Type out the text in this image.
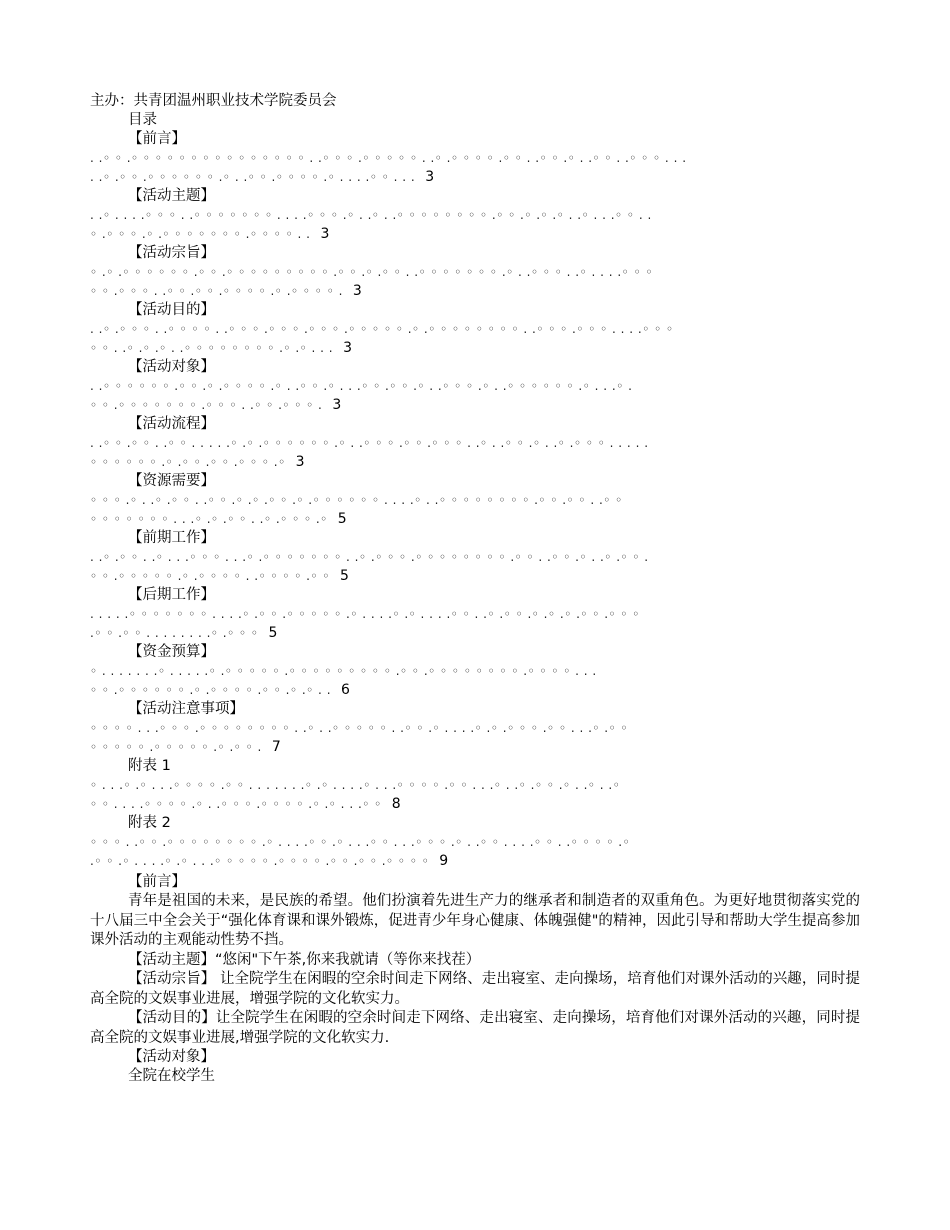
主办：共青团温州职业技术学院委员会
目录
【前言】
. .◦ ◦ .◦ ◦ ◦ ◦ ◦ ◦ ◦ ◦ ◦ ◦ ◦ ◦ ◦ ◦ ◦ . .◦ ◦ ◦ .◦ ◦ ◦ ◦ ◦ . .◦ .◦ ◦ ◦ ◦ .◦ ◦ . .◦ ◦ .◦ . .◦ ◦ . .◦ ◦ ◦ . . .
. .◦ .◦ ◦ .◦ ◦ ◦ ◦ ◦ ◦ .◦ . .◦ ◦ .◦ ◦ ◦ ◦ .◦ . . . .◦ ◦ . . . 3
【活动主题】
. .◦ . . . .◦ ◦ ◦ . .◦ ◦ ◦ ◦ ◦ ◦ ◦ . . . .◦ ◦ ◦ .◦ . .◦ . .◦ ◦ ◦ ◦ ◦ ◦ ◦ ◦ .◦ ◦ .◦ .◦ .◦ . .◦ . . .◦ ◦ . .
◦ .◦ ◦ ◦ .◦ .◦ ◦ ◦ ◦ ◦ ◦ ◦ .◦ ◦ ◦ ◦ . . 3
【活动宗旨】
◦ .◦ .◦ ◦ ◦ ◦ ◦ ◦ .◦ ◦ .◦ ◦ ◦ ◦ ◦ ◦ ◦ ◦ ◦ .◦ ◦ .◦ .◦ ◦ . .◦ ◦ ◦ ◦ ◦ ◦ ◦ .◦ . .◦ ◦ ◦ . .◦ . . . .◦ ◦ ◦
◦ ◦ .◦ ◦ ◦ . .◦ ◦ .◦ ◦ .◦ ◦ ◦ ◦ .◦ .◦ ◦ ◦ ◦ . 3
【活动目的】
. .◦ .◦ ◦ ◦ . .◦ ◦ ◦ ◦ . .◦ ◦ ◦ .◦ ◦ ◦ .◦ ◦ ◦ .◦ ◦ ◦ ◦ ◦ .◦ .◦ ◦ ◦ ◦ ◦ ◦ ◦ ◦ . .◦ ◦ ◦ .◦ ◦ ◦ . . . .◦ ◦ ◦
◦ ◦ . .◦ .◦ .◦ . .◦ ◦ ◦ ◦ ◦ ◦ ◦ ◦ .◦ .◦ . . . 3
【活动对象】
. .◦ ◦ ◦ ◦ ◦ ◦ .◦ ◦ .◦ .◦ ◦ ◦ ◦ .◦ . .◦ ◦ .◦ . . .◦ ◦ .◦ ◦ .◦ . .◦ ◦ ◦ .◦ . .◦ ◦ ◦ ◦ ◦ ◦ .◦ . . .◦ .
◦ ◦ .◦ ◦ ◦ ◦ ◦ ◦ ◦ .◦ ◦ ◦ . .◦ ◦ .◦ ◦ ◦ . 3
【活动流程】
. .◦ ◦ .◦ ◦ . .◦ ◦ . . . . .◦ .◦ .◦ ◦ ◦ ◦ ◦ ◦ .◦ . .◦ ◦ ◦ .◦ ◦ .◦ ◦ ◦ . .◦ . .◦ ◦ .◦ . .◦ .◦ ◦ ◦ . . . . .
◦ ◦ ◦ ◦ ◦ ◦ .◦ .◦ ◦ .◦ ◦ .◦ ◦ ◦ .◦ 3
【资源需要】
◦ ◦ ◦ .◦ . .◦ .◦ ◦ . .◦ ◦ .◦ .◦ .◦ ◦ .◦ .◦ ◦ ◦ ◦ ◦ ◦ . . . .◦ . .◦ ◦ ◦ ◦ ◦ ◦ ◦ ◦ .◦ ◦ .◦ ◦ . .◦ ◦
◦ ◦ ◦ ◦ ◦ ◦ ◦ . . .◦ .◦ .◦ ◦ . .◦ .◦ ◦ ◦ .◦ 5
【前期工作】
. .◦ .◦ ◦ . .◦ . . .◦ ◦ ◦ . . .◦ .◦ ◦ ◦ ◦ ◦ ◦ ◦ . .◦ .◦ ◦ ◦ .◦ ◦ ◦ ◦ ◦ ◦ ◦ ◦ .◦ ◦ . .◦ ◦ .◦ . .◦ .◦ ◦ .
◦ ◦ .◦ ◦ ◦ ◦ ◦ .◦ .◦ ◦ ◦ ◦ . .◦ ◦ ◦ ◦ .◦ ◦ 5
【后期工作】
. . . . .◦ ◦ ◦ ◦ ◦ ◦ ◦ . . . .◦ .◦ ◦ .◦ ◦ ◦ ◦ ◦ .◦ . . . .◦ .◦ . . . .◦ ◦ . .◦ .◦ ◦ .◦ .◦ .◦ .◦ ◦ .◦ ◦ ◦
.◦ ◦ .◦ ◦ . . . . . . . .◦ .◦ ◦ ◦ 5
【资金预算】
◦ . . . . . . .◦ . . . . .◦ .◦ ◦ ◦ ◦ ◦ .◦ ◦ ◦ ◦ ◦ ◦ ◦ ◦ ◦ .◦ ◦ .◦ ◦ ◦ ◦ ◦ ◦ ◦ ◦ .◦ ◦ ◦ ◦ . . .
◦ ◦ .◦ ◦ ◦ ◦ ◦ ◦ .◦ .◦ ◦ ◦ ◦ .◦ ◦ .◦ .◦ . . 6
【活动注意事项】
◦ ◦ ◦ ◦ . . .◦ ◦ ◦ .◦ ◦ ◦ ◦ ◦ ◦ ◦ ◦ . .◦ . .◦ ◦ ◦ ◦ ◦ . .◦ ◦ .◦ . . . .◦ .◦ .◦ ◦ ◦ .◦ ◦ . . .◦ .◦ ◦
◦ ◦ ◦ ◦ ◦ .◦ ◦ ◦ ◦ ◦ .◦ .◦ ◦ . 7
附表 1
◦ . . .◦ .◦ . . .◦ ◦ ◦ ◦ .◦ ◦ . . . . . . .◦ .◦ . . . .◦ . . .◦ ◦ ◦ ◦ .◦ ◦ . . .◦ . .◦ .◦ ◦ .◦ . .◦ . .◦
◦ ◦ . . . .◦ ◦ ◦ ◦ .◦ . .◦ ◦ ◦ .◦ ◦ ◦ ◦ .◦ .◦ . . .◦ ◦ 8
附表 2
◦ ◦ ◦ . .◦ ◦ .◦ ◦ ◦ ◦ ◦ ◦ ◦ ◦ .◦ . . . .◦ ◦ .◦ . . .◦ ◦ . . .◦ ◦ ◦ .◦ . .◦ ◦ . . . .◦ ◦ . .◦ ◦ ◦ ◦ .◦
.◦ ◦ .◦ . . . .◦ .◦ . . .◦ ◦ ◦ ◦ ◦ .◦ ◦ ◦ ◦ .◦ ◦ .◦ ◦ .◦ ◦ ◦ ◦ 9
【前言】

青年是祖国的未来，是民族的希望。他们扮演着先进生产力的继承者和制造者的双重角色。为更好地贯彻落实党的十八届三中全会关于“强化体育课和课外锻炼，促进青少年身心健康、体魄强健"的精神，因此引导和帮助大学生提高参加课外活动的主观能动性势不挡。

【活动主题】“悠闲"下午茶,你来我就请（等你来找茬）

【活动宗旨】 让全院学生在闲暇的空余时间走下网络、走出寝室、走向操场，培育他们对课外活动的兴趣，同时提高全院的文娱事业进展，增强学院的文化软实力。

【活动目的】让全院学生在闲暇的空余时间走下网络、走出寝室、走向操场，培育他们对课外活动的兴趣，同时提高全院的文娱事业进展,增强学院的文化软实力.

【活动对象】
全院在校学生
